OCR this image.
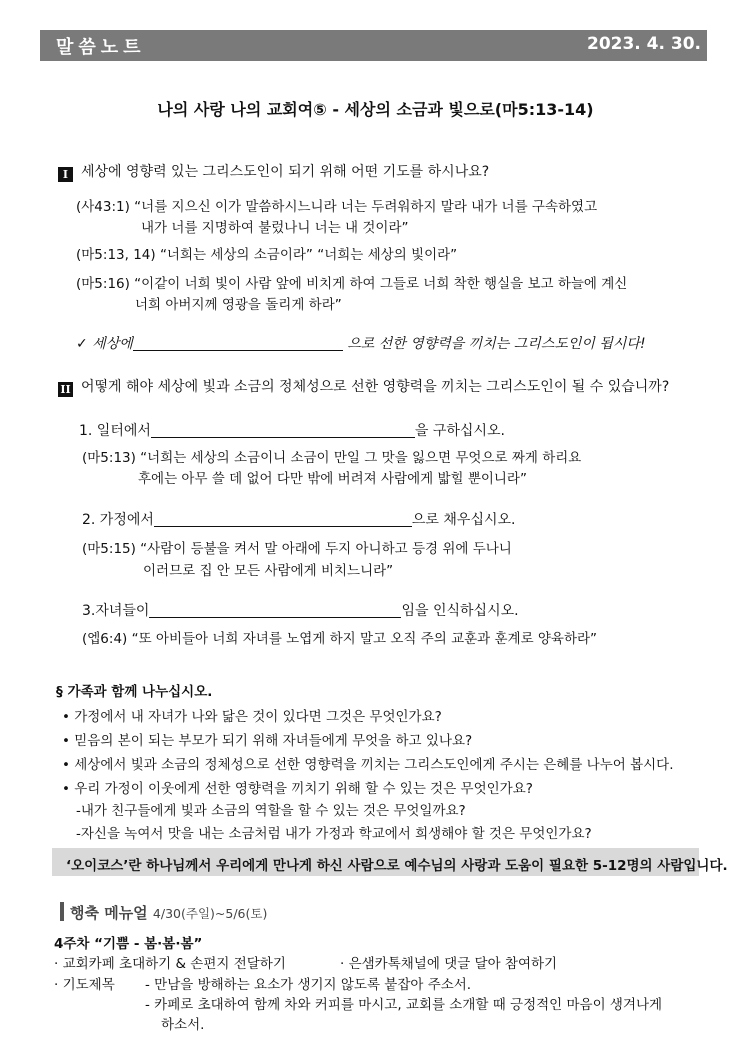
말씀노트	2023. 4. 30.
나의 사랑 나의 교회여⑤ - 세상의 소금과 빛으로(마5:13-14)
I 세상에 영향력 있는 그리스도인이 되기 위해 어떤 기도를 하시나요?
(사43:1) “너를 지으신 이가 말씀하시느니라 너는 두려워하지 말라 내가 너를 구속하였고
내가 너를 지명하여 불렀나니 너는 내 것이라”
(마5:13, 14) “너희는 세상의 소금이라” “너희는 세상의 빛이라”
(마5:16) “이같이 너희 빛이 사람 앞에 비치게 하여 그들로 너희 착한 행실을 보고 하늘에 계신
너희 아버지께 영광을 돌리게 하라”
✓ 세상에	으로 선한 영향력을 끼치는 그리스도인이 됩시다!
II 어떻게 해야 세상에 빛과 소금의 정체성으로 선한 영향력을 끼치는 그리스도인이 될 수 있습니까?
1. 일터에서	을 구하십시오.
(마5:13) “너희는 세상의 소금이니 소금이 만일 그 맛을 잃으면 무엇으로 짜게 하리요
후에는 아무 쓸 데 없어 다만 밖에 버려져 사람에게 밟힐 뿐이니라”
2. 가정에서	으로 채우십시오.
(마5:15) “사람이 등불을 켜서 말 아래에 두지 아니하고 등경 위에 두나니
이러므로 집 안 모든 사람에게 비치느니라”
3.자녀들이	임을 인식하십시오.
(엡6:4) “또 아비들아 너희 자녀를 노엽게 하지 말고 오직 주의 교훈과 훈계로 양육하라”
§ 가족과 함께 나누십시오.
• 가정에서 내 자녀가 나와 닮은 것이 있다면 그것은 무엇인가요?
• 믿음의 본이 되는 부모가 되기 위해 자녀들에게 무엇을 하고 있나요?
• 세상에서 빛과 소금의 정체성으로 선한 영향력을 끼치는 그리스도인에게 주시는 은혜를 나누어 봅시다.
• 우리 가정이 이웃에게 선한 영향력을 끼치기 위해 할 수 있는 것은 무엇인가요?
-내가 친구들에게 빛과 소금의 역할을 할 수 있는 것은 무엇일까요?
-자신을 녹여서 맛을 내는 소금처럼 내가 가정과 학교에서 희생해야 할 것은 무엇인가요?
‘오이코스’란 하나님께서 우리에게 만나게 하신 사람으로 예수님의 사랑과 도움이 필요한 5-12명의 사람입니다.
행축 메뉴얼 4/30(주일)~5/6(토)
4주차 “기쁨 - 봄·봄·봄”
· 교회카페 초대하기 & 손편지 전달하기	· 은샘카톡채널에 댓글 달아 참여하기
· 기도제목 - 만남을 방해하는 요소가 생기지 않도록 붙잡아 주소서.
- 카페로 초대하여 함께 차와 커피를 마시고, 교회를 소개할 때 긍정적인 마음이 생겨나게
하소서.
